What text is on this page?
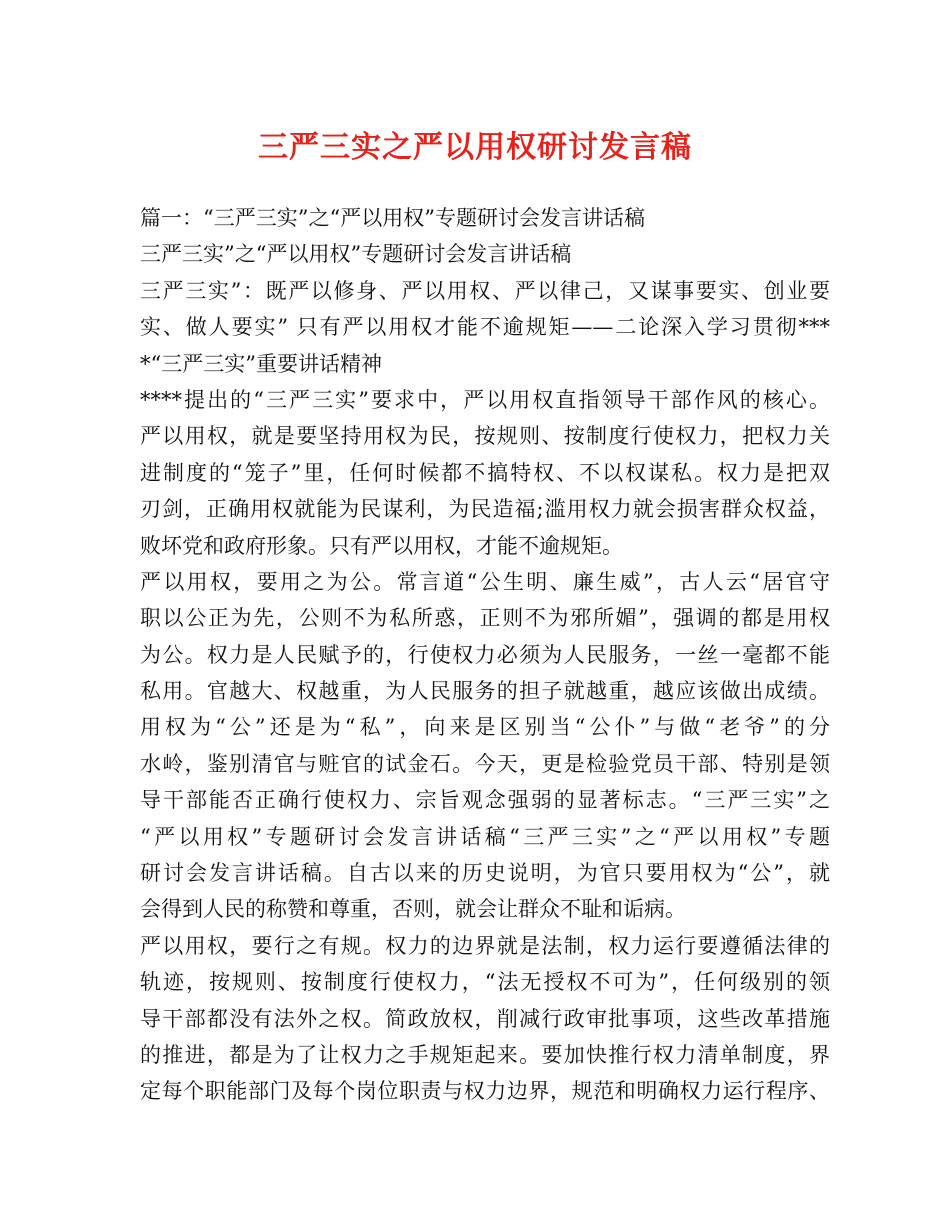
三严三实之严以用权研讨发言稿
篇一：“三严三实”之“严以用权”专题研讨会发言讲话稿
三严三实”之“严以用权”专题研讨会发言讲话稿
三严三实”：既严以修身、严以用权、严以律己，又谋事要实、创业要
实、做人要实” 只有严以用权才能不逾规矩——二论深入学习贯彻***
*“三严三实”重要讲话精神
****提出的“三严三实”要求中，严以用权直指领导干部作风的核心。
严以用权，就是要坚持用权为民，按规则、按制度行使权力，把权力关
进制度的“笼子”里，任何时候都不搞特权、不以权谋私。权力是把双
刃剑，正确用权就能为民谋利，为民造福;滥用权力就会损害群众权益，
败坏党和政府形象。只有严以用权，才能不逾规矩。
严以用权，要用之为公。常言道“公生明、廉生威”，古人云“居官守
职以公正为先，公则不为私所惑，正则不为邪所媚”，强调的都是用权
为公。权力是人民赋予的，行使权力必须为人民服务，一丝一毫都不能
私用。官越大、权越重，为人民服务的担子就越重，越应该做出成绩。
用权为“公”还是为“私”，向来是区别当“公仆”与做“老爷”的分
水岭，鉴别清官与赃官的试金石。今天，更是检验党员干部、特别是领
导干部能否正确行使权力、宗旨观念强弱的显著标志。“三严三实”之
“严以用权”专题研讨会发言讲话稿“三严三实”之“严以用权”专题
研讨会发言讲话稿。自古以来的历史说明，为官只要用权为“公”，就
会得到人民的称赞和尊重，否则，就会让群众不耻和诟病。
严以用权，要行之有规。权力的边界就是法制，权力运行要遵循法律的
轨迹，按规则、按制度行使权力，“法无授权不可为”，任何级别的领
导干部都没有法外之权。简政放权，削减行政审批事项，这些改革措施
的推进，都是为了让权力之手规矩起来。要加快推行权力清单制度，界
定每个职能部门及每个岗位职责与权力边界，规范和明确权力运行程序、
